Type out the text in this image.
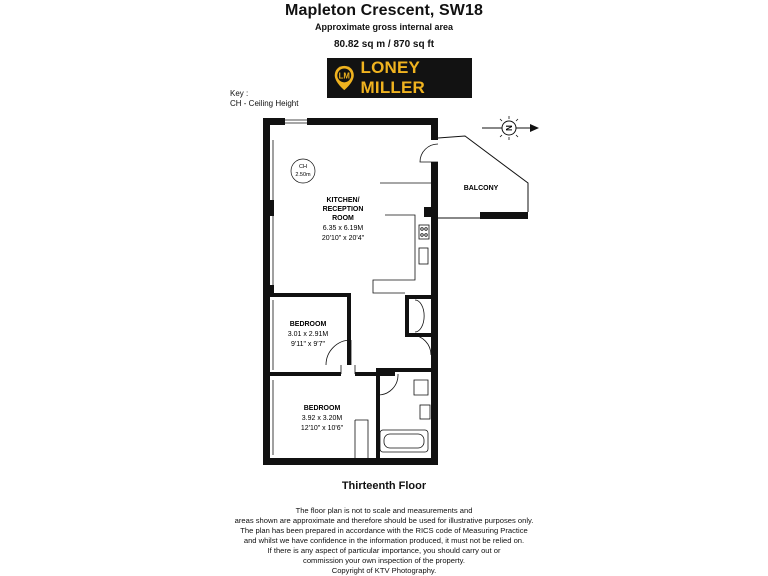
Mapleton Crescent, SW18
Approximate gross internal area
80.82 sq m / 870 sq ft
LM LONEY MILLER
Key :
CH - Ceiling Height
CH
2.50m
N
KITCHEN/
RECEPTION
ROOM
6.35 x 6.19M
20'10" x 20'4"
BEDROOM
3.01 x 2.91M
9'11" x 9'7"
BEDROOM
3.92 x 3.20M
12'10" x 10'6"
BALCONY
Thirteenth Floor
The floor plan is not to scale and measurements and
areas shown are approximate and therefore should be used for illustrative purposes only.
The plan has been prepared in accordance with the RICS code of Measuring Practice
and whilst we have confidence in the information produced, it must not be relied on.
If there is any aspect of particular importance, you should carry out or
commission your own inspection of the property.
Copyright of KTV Photography.
